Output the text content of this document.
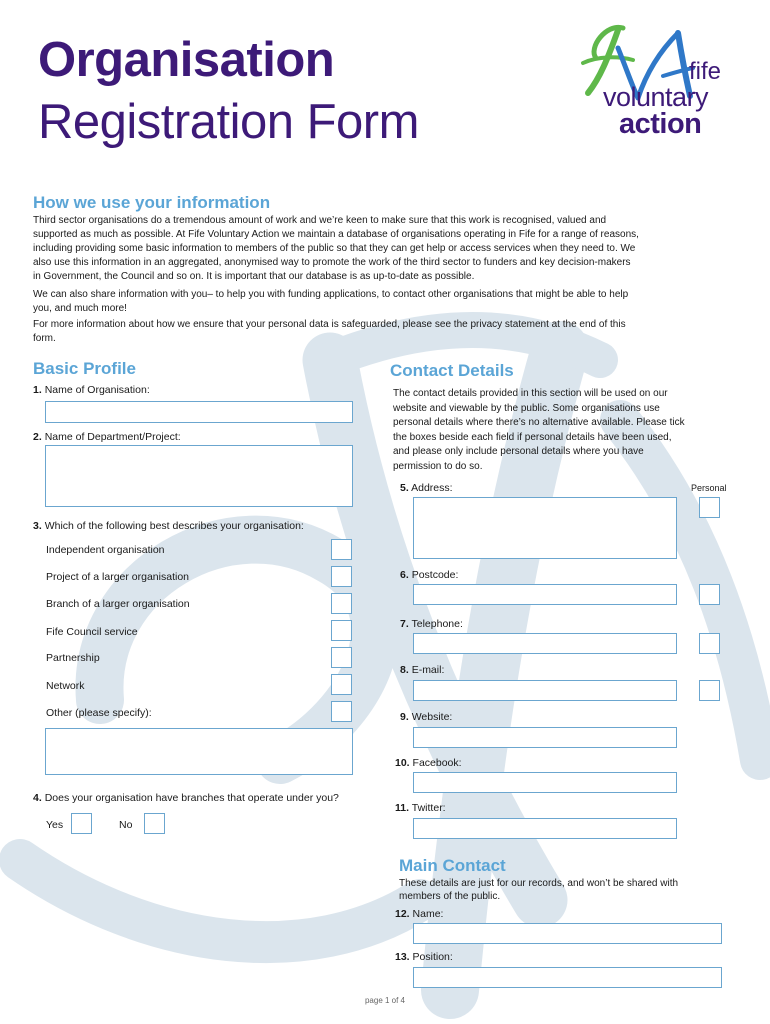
Organisation
Registration Form
fife
voluntary
action
How we use your information
Third sector organisations do a tremendous amount of work and we’re keen to make sure that this work is recognised, valued and
supported as much as possible. At Fife Voluntary Action we maintain a database of organisations operating in Fife for a range of reasons,
including providing some basic information to members of the public so that they can get help or access services when they need to. We
also use this information in an aggregated, anonymised way to promote the work of the third sector to funders and key decision-makers
in Government, the Council and so on. It is important that our database is as up-to-date as possible.
We can also share information with you– to help you with funding applications, to contact other organisations that might be able to help
you, and much more!
For more information about how we ensure that your personal data is safeguarded, please see the privacy statement at the end of this
form.
Basic Profile
1. Name of Organisation:
2. Name of Department/Project:
3. Which of the following best describes your organisation:
Independent organisation
Project of a larger organisation
Branch of a larger organisation
Fife Council service
Partnership
Network
Other (please specify):
4. Does your organisation have branches that operate under you?
Yes	No
Contact Details
The contact details provided in this section will be used on our
website and viewable by the public. Some organisations use
personal details where there’s no alternative available. Please tick
the boxes beside each field if personal details have been used,
and please only include personal details where you have
permission to do so.
Personal
5. Address:
6. Postcode:
7. Telephone:
8. E-mail:
9. Website:
10. Facebook:
11. Twitter:
Main Contact
These details are just for our records, and won’t be shared with
members of the public.
12. Name:
13. Position:
page 1 of 4
